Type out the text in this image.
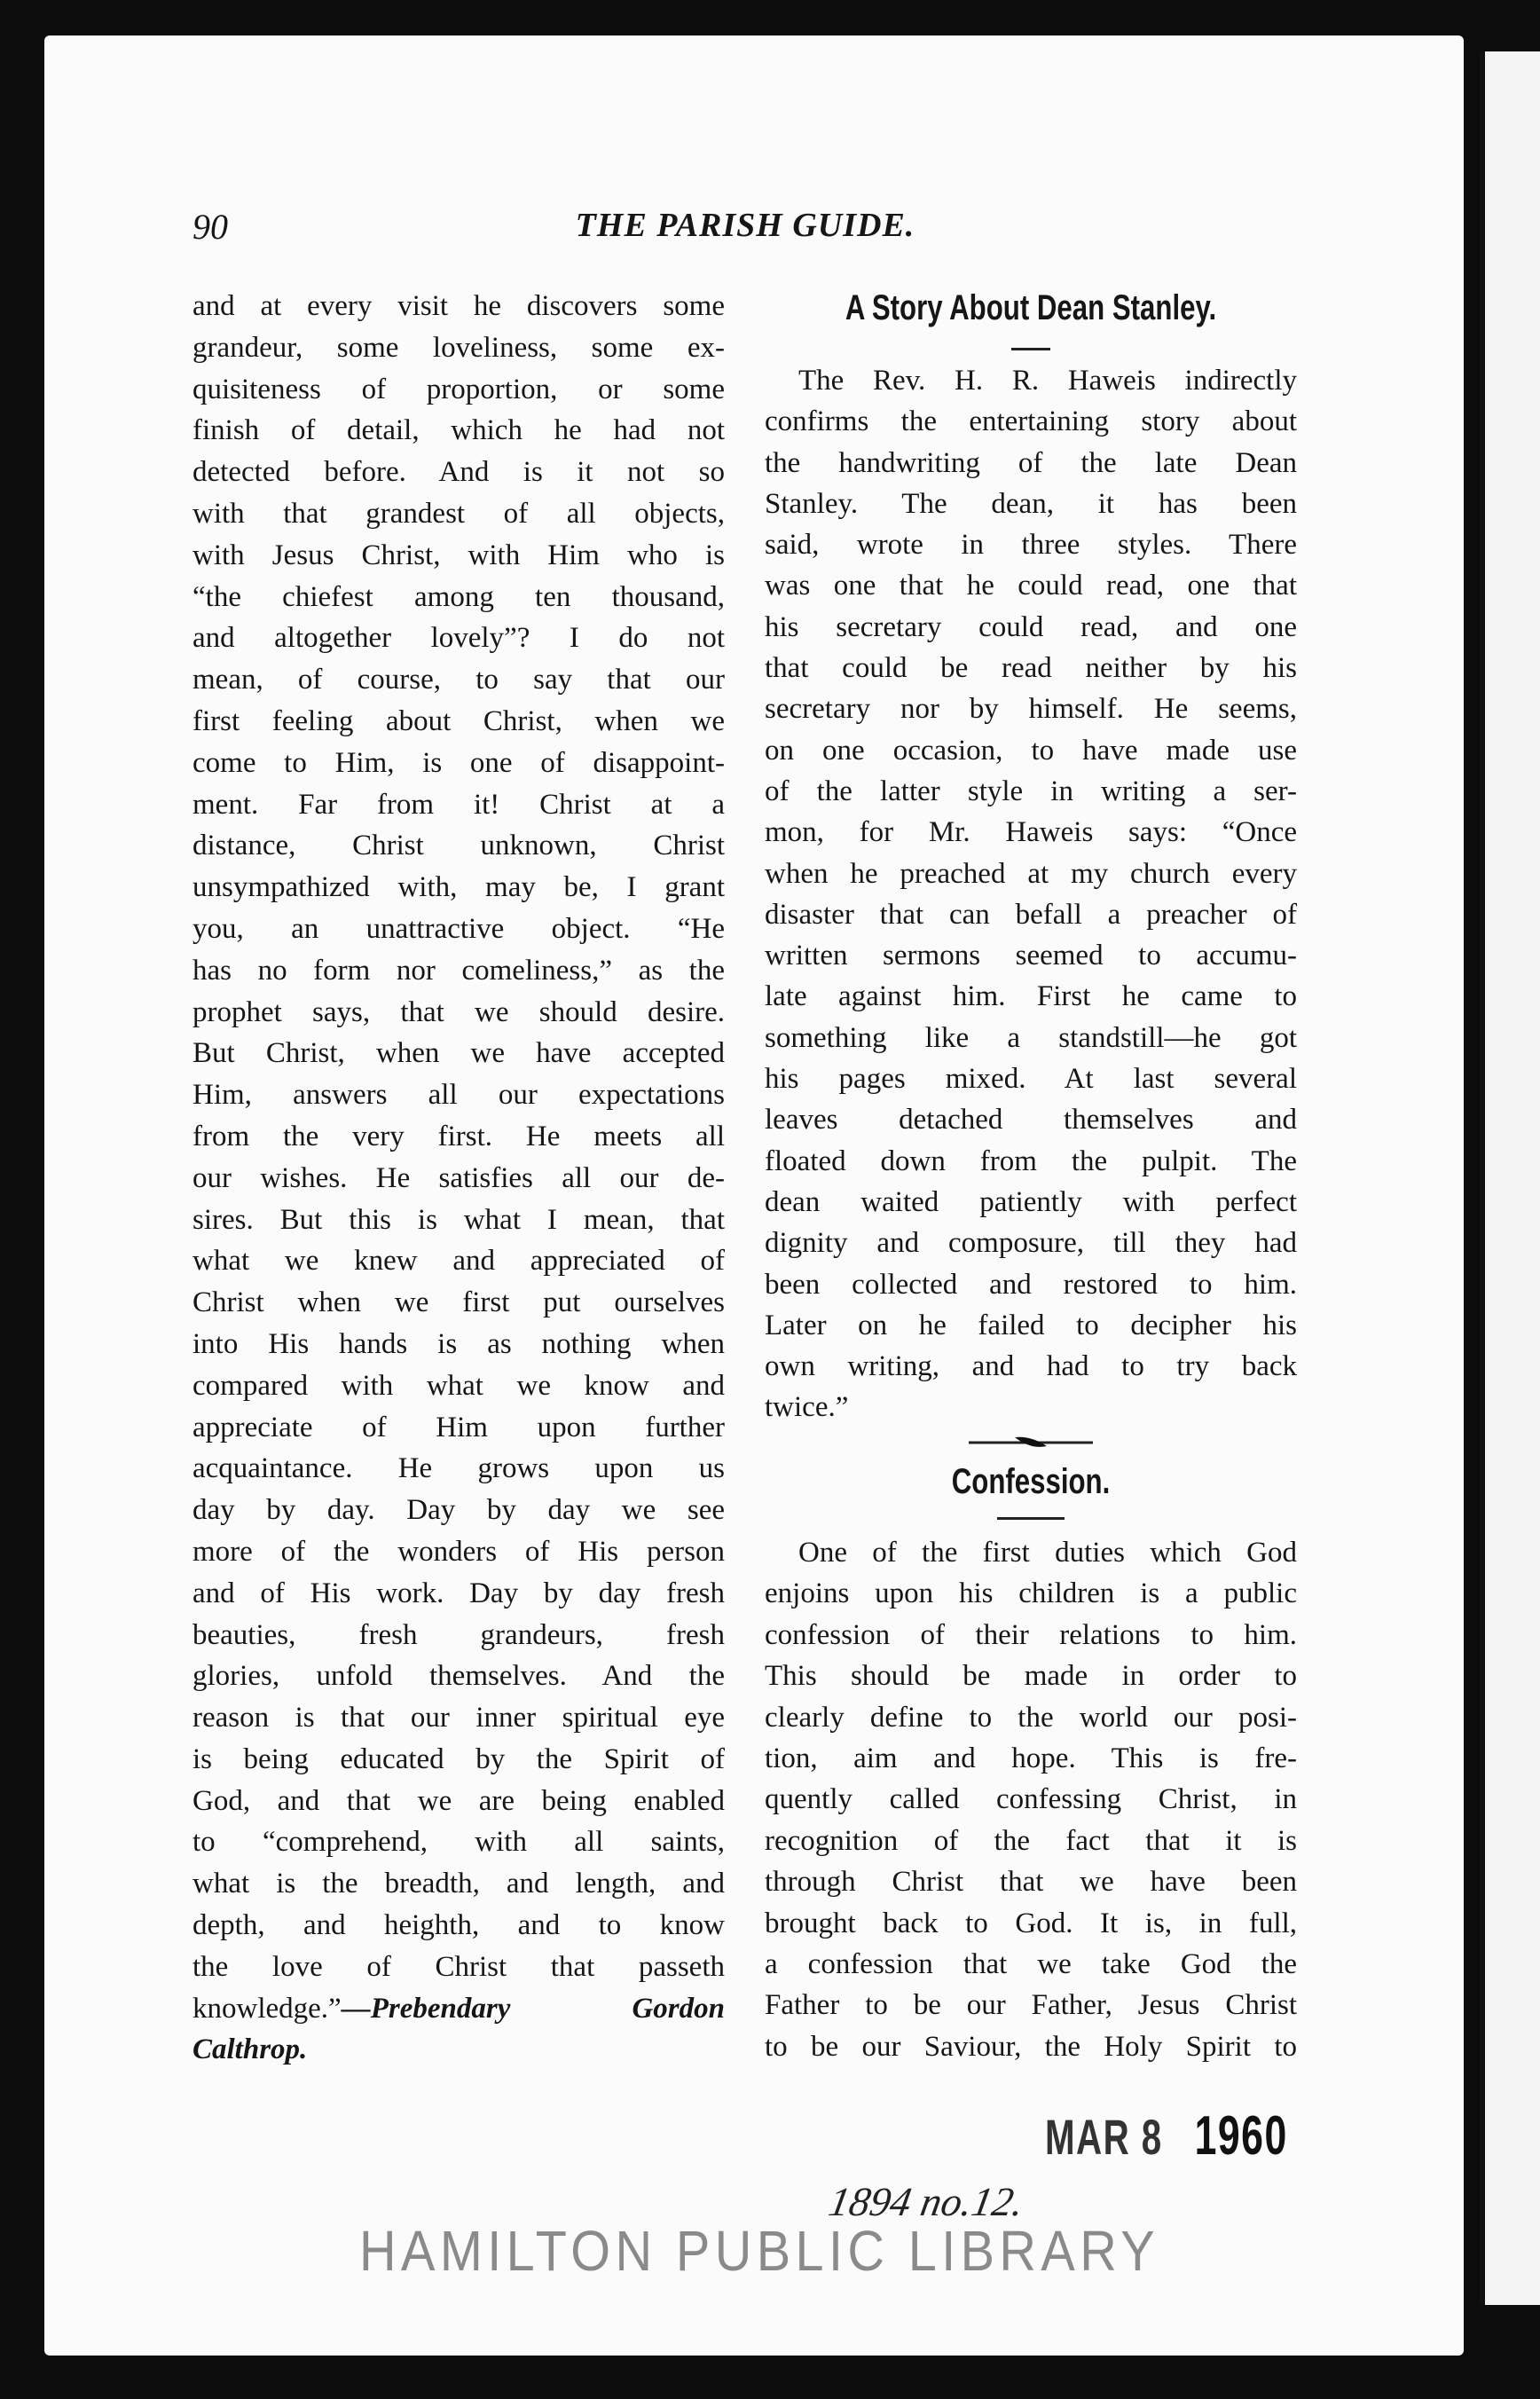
90	THE PARISH GUIDE.
and at every visit he discovers some
grandeur, some loveliness, some ex-
quisiteness of proportion, or some
finish of detail, which he had not
detected before. And is it not so
with that grandest of all objects,
with Jesus Christ, with Him who is
“the chiefest among ten thousand,
and altogether lovely”? I do not
mean, of course, to say that our
first feeling about Christ, when we
come to Him, is one of disappoint-
ment. Far from it! Christ at a
distance, Christ unknown, Christ
unsympathized with, may be, I grant
you, an unattractive object. “He
has no form nor comeliness,” as the
prophet says, that we should desire.
But Christ, when we have accepted
Him, answers all our expectations
from the very first. He meets all
our wishes. He satisfies all our de-
sires. But this is what I mean, that
what we knew and appreciated of
Christ when we first put ourselves
into His hands is as nothing when
compared with what we know and
appreciate of Him upon further
acquaintance. He grows upon us
day by day. Day by day we see
more of the wonders of His person
and of His work. Day by day fresh
beauties, fresh grandeurs, fresh
glories, unfold themselves. And the
reason is that our inner spiritual eye
is being educated by the Spirit of
God, and that we are being enabled
to “comprehend, with all saints,
what is the breadth, and length, and
depth, and heighth, and to know
the love of Christ that passeth
knowledge.”—Prebendary Gordon
Calthrop.
A Story About Dean Stanley.
The Rev. H. R. Haweis indirectly
confirms the entertaining story about
the handwriting of the late Dean
Stanley. The dean, it has been
said, wrote in three styles. There
was one that he could read, one that
his secretary could read, and one
that could be read neither by his
secretary nor by himself. He seems,
on one occasion, to have made use
of the latter style in writing a ser-
mon, for Mr. Haweis says: “Once
when he preached at my church every
disaster that can befall a preacher of
written sermons seemed to accumu-
late against him. First he came to
something like a standstill—he got
his pages mixed. At last several
leaves detached themselves and
floated down from the pulpit. The
dean waited patiently with perfect
dignity and composure, till they had
been collected and restored to him.
Later on he failed to decipher his
own writing, and had to try back
twice.”
Confession.
One of the first duties which God
enjoins upon his children is a public
confession of their relations to him.
This should be made in order to
clearly define to the world our posi-
tion, aim and hope. This is fre-
quently called confessing Christ, in
recognition of the fact that it is
through Christ that we have been
brought back to God. It is, in full,
a confession that we take God the
Father to be our Father, Jesus Christ
to be our Saviour, the Holy Spirit to
MAR 8 1960
1894 no.12.
HAMILTON PUBLIC LIBRARY
